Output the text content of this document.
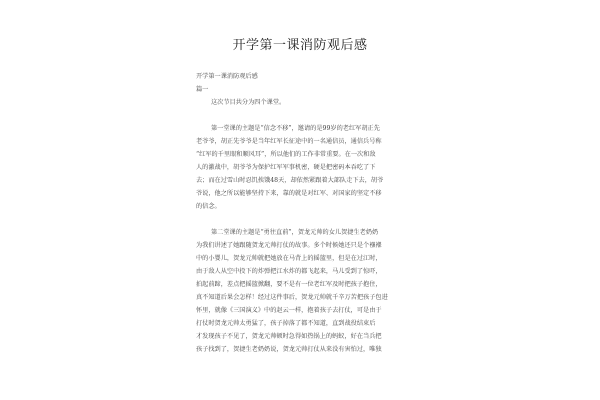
开学第一课消防观后感
开学第一课消防观后感
篇一
这次节目共分为四个课堂。
第一堂课的主题是“信念不移”，邀请的是99岁的老红军胡正先
老爷爷，胡正先爷爷是当年红军长征途中的一名通信员，通信兵号称
“红军的千里眼和顺风耳”，所以他们的工作非常重要。在一次和敌
人的激战中，胡爷爷为保护红军军事机密，硬是把密码本吞吃了下
去；而在过雪山时忍饥挨饿48天，却依然紧跟着大部队走下去，胡爷
爷说，他之所以能够坚持下来，靠的就是对红军、对国家的坚定不移
的信念。
第二堂课的主题是“勇往直前”，贺龙元帅的女儿贺捷生老奶奶
为我们讲述了她跟随贺龙元帅打仗的故事。多个时候她还只是个襁褓
中的小婴儿，贺龙元帅就把她放在马背上的摇篮里，但是在过江时，
由于敌人从空中投下的炸弹把江水炸的都飞起来，马儿受到了惊吓，
拍起前蹄，差点把摇篮掀翻，要不是有一位老红军及时把孩子抱住，
真不知道后果会怎样！经过这件事后，贺龙元帅就千辛万苦把孩子包进
怀里，就像《三国演义》中的赵云一样，抱着孩子去打仗，可是由于
打仗时贺龙元帅太勇猛了，孩子掉落了都不知道，直到战役结束后
才发现孩子不见了，贺龙元帅顿时急得如热锅上的蚂蚁，好在当兵把
孩子找到了，贺捷生老奶奶说，贺龙元帅打仗从来没有害怕过，唯独
